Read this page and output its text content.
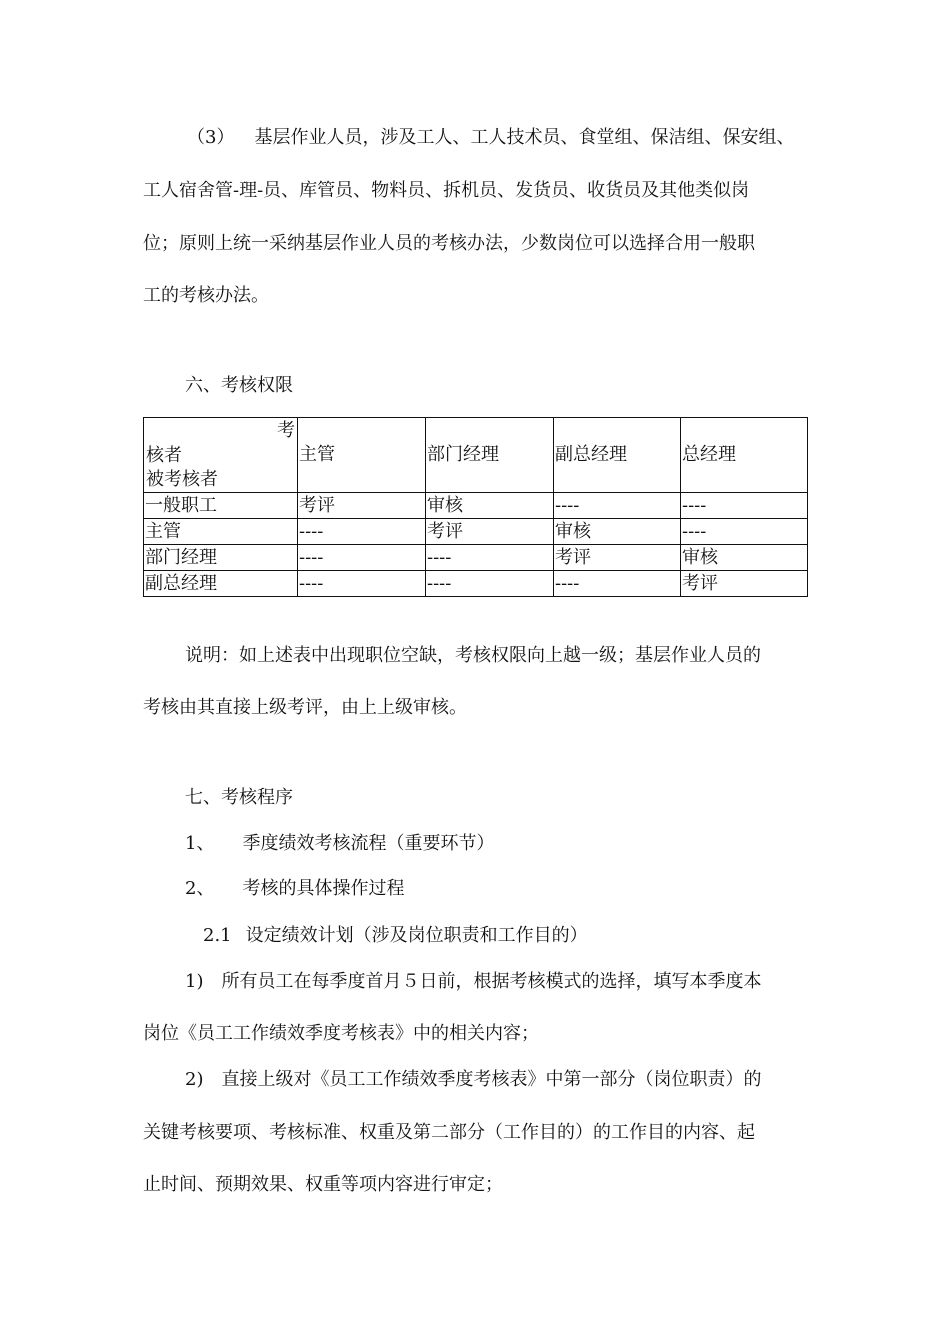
（3） 基层作业人员，涉及工人、工人技术员、食堂组、保洁组、保安组、
工人宿舍管-理-员、库管员、物料员、拆机员、发货员、收货员及其他类似岗
位；原则上统一采纳基层作业人员的考核办法，少数岗位可以选择合用一般职
工的考核办法。
六、考核权限
考
核者
被考核者	主管	部门经理	副总经理	总经理
一般职工	考评	审核	----	----
主管	----	考评	审核	----
部门经理	----	----	考评	审核
副总经理	----	----	----	考评
说明：如上述表中出现职位空缺，考核权限向上越一级；基层作业人员的
考核由其直接上级考评，由上上级审核。
七、考核程序
1、 季度绩效考核流程（重要环节）
2、 考核的具体操作过程
2.1 设定绩效计划（涉及岗位职责和工作目的）
1) 所有员工在每季度首月５日前，根据考核模式的选择，填写本季度本
岗位《员工工作绩效季度考核表》中的相关内容；
2) 直接上级对《员工工作绩效季度考核表》中第一部分（岗位职责）的
关键考核要项、考核标准、权重及第二部分（工作目的）的工作目的内容、起
止时间、预期效果、权重等项内容进行审定；
